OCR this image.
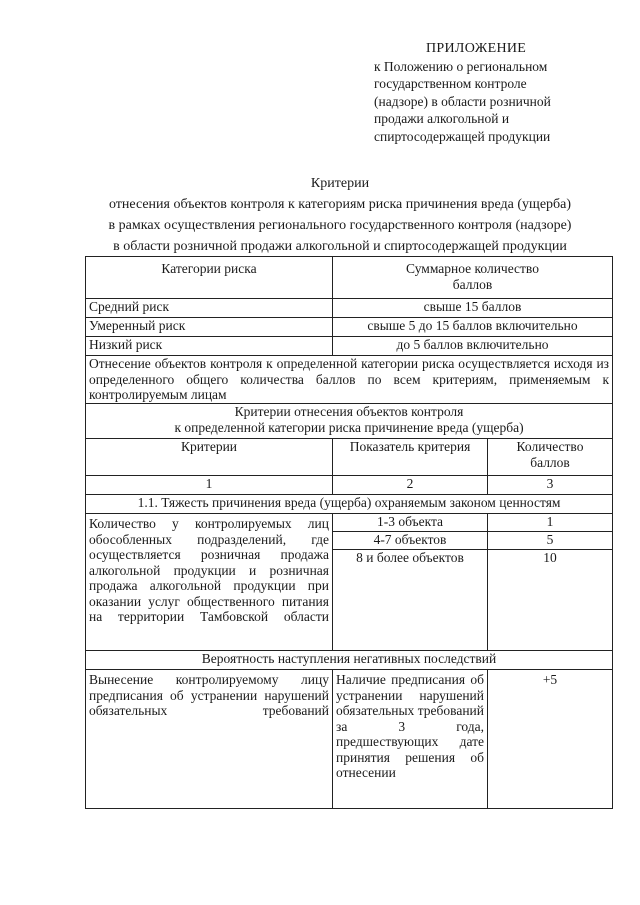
ПРИЛОЖЕНИЕ
к Положению о региональном
государственном контроле
(надзоре) в области розничной
продажи алкогольной и
спиртосодержащей продукции
Критерии
отнесения объектов контроля к категориям риска причинения вреда (ущерба)
в рамках осуществления регионального государственного контроля (надзоре)
в области розничной продажи алкогольной и спиртосодержащей продукции
Категории риска	Суммарное количество баллов	
Средний риск	свыше 15 баллов	
Умеренный риск	свыше 5 до 15 баллов включительно	
Низкий риск	до 5 баллов включительно	
Отнесение объектов контроля к определенной категории риска осуществляется исходя из определенного общего количества баллов по всем критериям, применяемым к контролируемым лицам		

Критерии отнесения объектов контроля
к определенной категории риска причинение вреда (ущерба)		

Критерии	Показатель критерия	Количество баллов
1	2	3
1.1. Тяжесть причинения вреда (ущерба) охраняемым законом ценностям		
Количество у контролируемых лиц обособленных подразделений, где осуществляется розничная продажа алкогольной продукции и розничная продажа алкогольной продукции при оказании услуг общественного питания на территории Тамбовской области	1-3 объекта	1
	4-7 объектов	5
	8 и более объектов	10
Вероятность наступления негативных последствий		
Вынесение контролируемому лицу предписания об устранении нарушений обязательных требований	Наличие предписания об устранении нарушений обязательных требований за 3 года, предшествующих дате принятия решения об отнесении	+5
